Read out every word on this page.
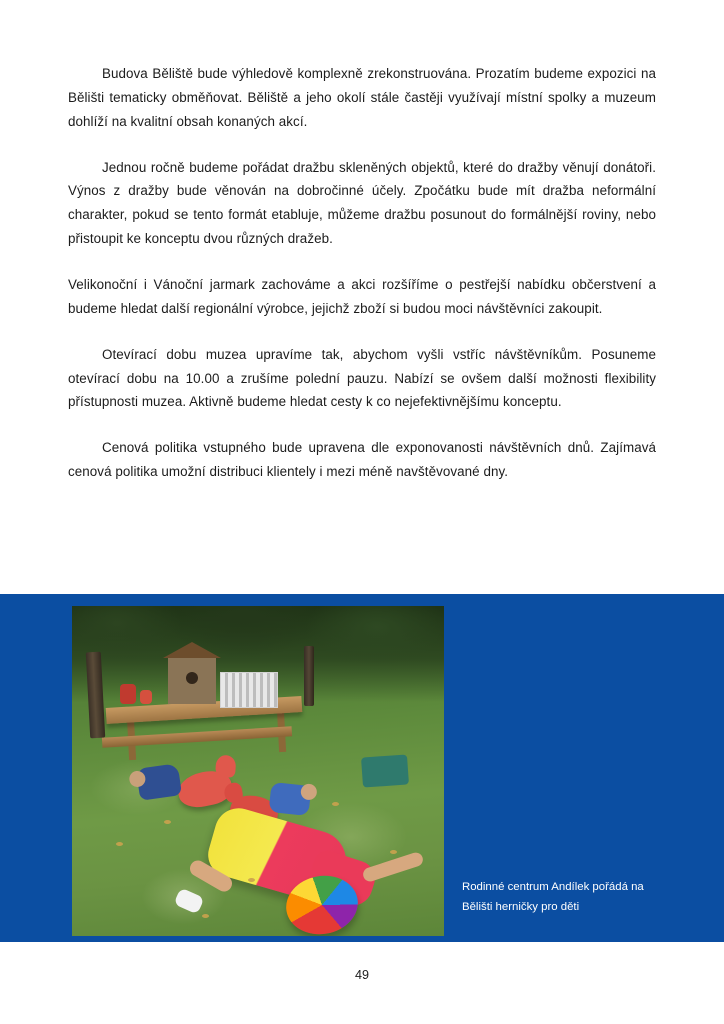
Budova Běliště bude výhledově komplexně zrekonstruována. Prozatím budeme expozici na Bělišti tematicky obměňovat. Běliště a jeho okolí stále častěji využívají místní spolky a muzeum dohlíží na kvalitní obsah konaných akcí.

Jednou ročně budeme pořádat dražbu skleněných objektů, které do dražby věnují donátoři. Výnos z dražby bude věnován na dobročinné účely. Zpočátku bude mít dražba neformální charakter, pokud se tento formát etabluje, můžeme dražbu posunout do formálnější roviny, nebo přistoupit ke konceptu dvou různých dražeb.

Velikonoční i Vánoční jarmark zachováme a akci rozšíříme o pestřejší nabídku občerstvení a budeme hledat další regionální výrobce, jejichž zboží si budou moci návštěvníci zakoupit.

Otevírací dobu muzea upravíme tak, abychom vyšli vstříc návštěvníkům. Posuneme otevírací dobu na 10.00 a zrušíme polední pauzu. Nabízí se ovšem další možnosti flexibility přístupnosti muzea. Aktivně budeme hledat cesty k co nejefektivnějšímu konceptu.

Cenová politika vstupného bude upravena dle exponovanosti návštěvních dnů. Zajímavá cenová politika umožní distribuci klientely i mezi méně navštěvované dny.

Rodinné centrum Andílek pořádá na
Bělišti herničky pro děti
49
